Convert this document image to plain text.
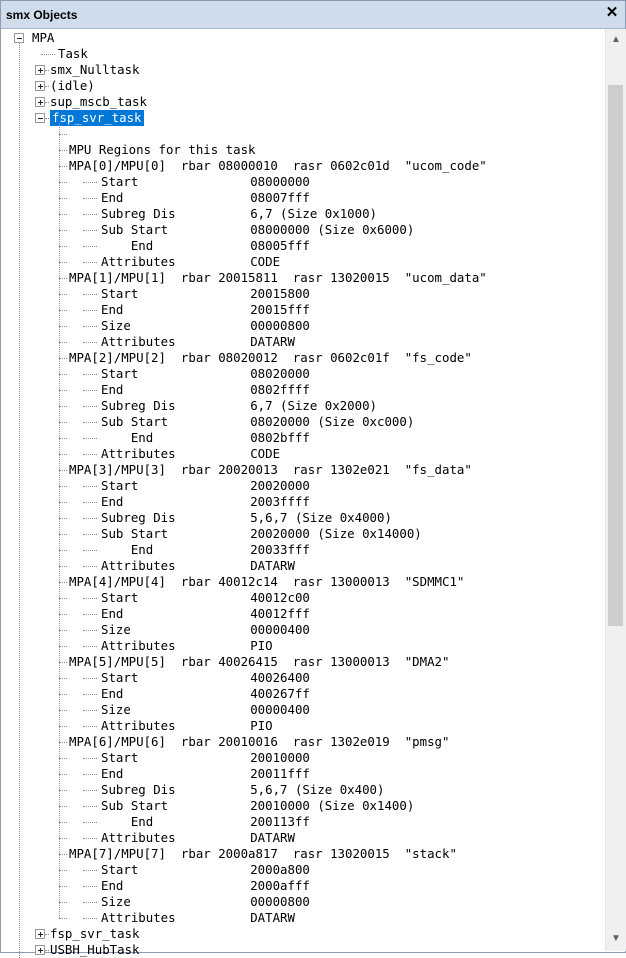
smx Objects	✕
MPA
Task
smx_Nulltask
(idle)
sup_mscb_task
fsp_svr_task
MPU Regions for this task
MPA[0]/MPU[0]  rbar 08000010  rasr 0602c01d  "ucom_code"
Start               08000000
End                 08007fff
Subreg Dis          6,7 (Size 0x1000)
Sub Start           08000000 (Size 0x6000)
End             08005fff
Attributes          CODE
MPA[1]/MPU[1]  rbar 20015811  rasr 13020015  "ucom_data"
Start               20015800
End                 20015fff
Size                00000800
Attributes          DATARW
MPA[2]/MPU[2]  rbar 08020012  rasr 0602c01f  "fs_code"
Start               08020000
End                 0802ffff
Subreg Dis          6,7 (Size 0x2000)
Sub Start           08020000 (Size 0xc000)
End             0802bfff
Attributes          CODE
MPA[3]/MPU[3]  rbar 20020013  rasr 1302e021  "fs_data"
Start               20020000
End                 2003ffff
Subreg Dis          5,6,7 (Size 0x4000)
Sub Start           20020000 (Size 0x14000)
End             20033fff
Attributes          DATARW
MPA[4]/MPU[4]  rbar 40012c14  rasr 13000013  "SDMMC1"
Start               40012c00
End                 40012fff
Size                00000400
Attributes          PIO
MPA[5]/MPU[5]  rbar 40026415  rasr 13000013  "DMA2"
Start               40026400
End                 400267ff
Size                00000400
Attributes          PIO
MPA[6]/MPU[6]  rbar 20010016  rasr 1302e019  "pmsg"
Start               20010000
End                 20011fff
Subreg Dis          5,6,7 (Size 0x400)
Sub Start           20010000 (Size 0x1400)
End             200113ff
Attributes          DATARW
MPA[7]/MPU[7]  rbar 2000a817  rasr 13020015  "stack"
Start               2000a800
End                 2000afff
Size                00000800
Attributes          DATARW
fsp_svr_task
USBH_HubTask
▲
▼
